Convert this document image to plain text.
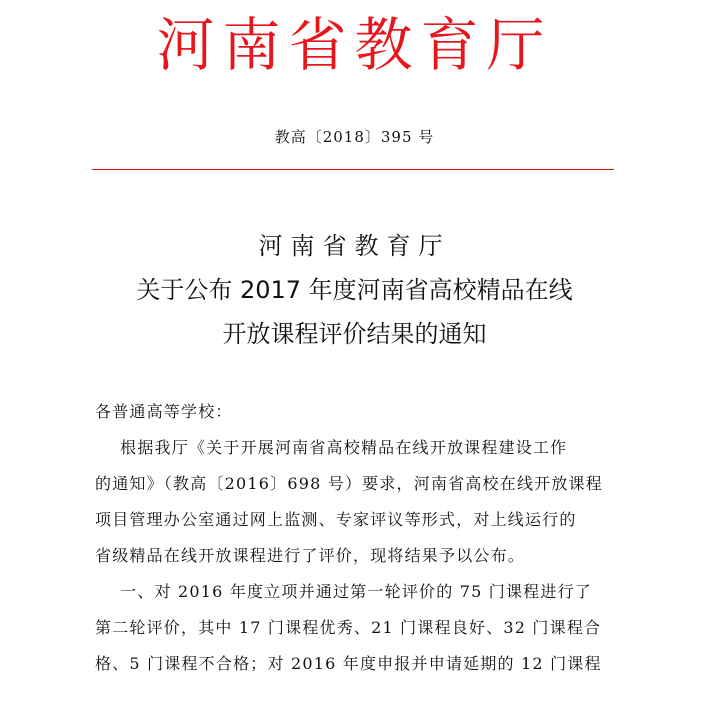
河南省教育厅
教高〔2018〕395 号
河南省教育厅
关于公布 2017 年度河南省高校精品在线
开放课程评价结果的通知
各普通高等学校：
根据我厅《关于开展河南省高校精品在线开放课程建设工作
的通知》（教高〔2016〕698 号）要求，河南省高校在线开放课程
项目管理办公室通过网上监测、专家评议等形式，对上线运行的
省级精品在线开放课程进行了评价，现将结果予以公布。
一、对 2016 年度立项并通过第一轮评价的 75 门课程进行了
第二轮评价，其中 17 门课程优秀、21 门课程良好、32 门课程合
格、5 门课程不合格；对 2016 年度申报并申请延期的 12 门课程
